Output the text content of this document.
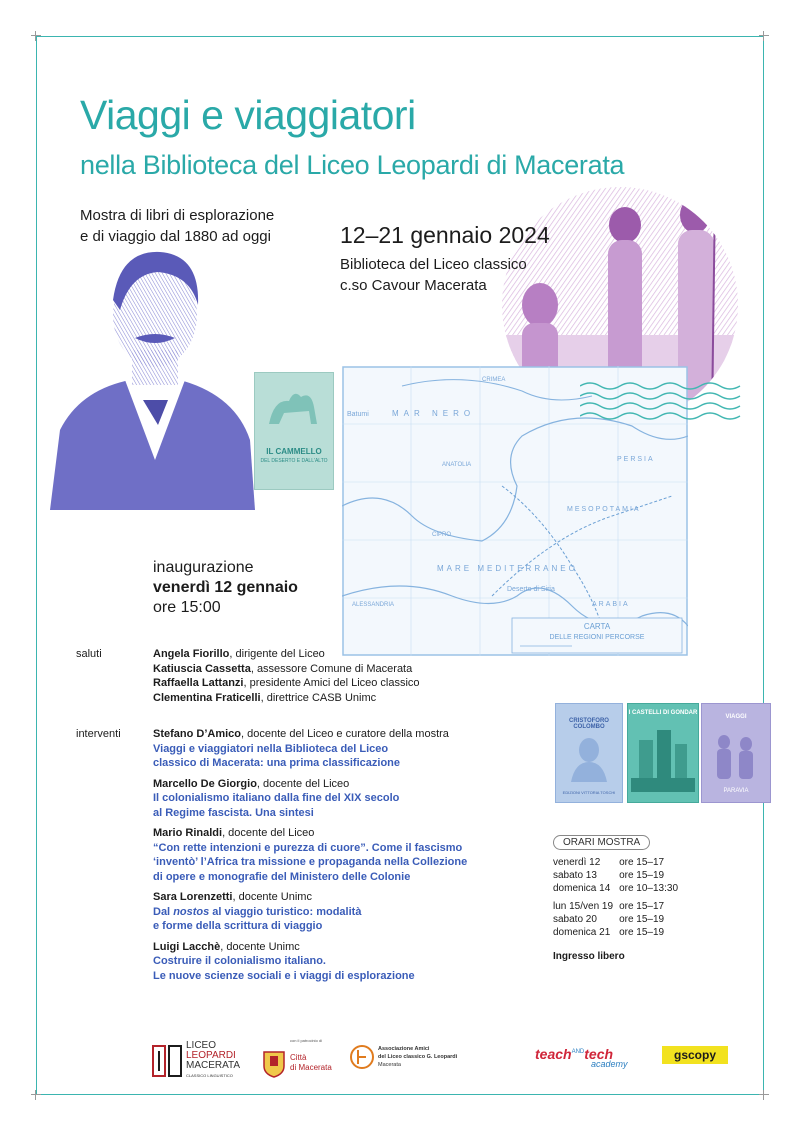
MARE MEDITERRANEO
MESOPOTAMIA
PERSIA
ARABIA
Deserto di Siria
ALESSANDRIA
CIPRO
ANATOLIA
CRIMEA
Batumi	MAR NERO
CARTA
DELLE REGIONI PERCORSE
IL CAMMELLO
DEL DESERTO E DALL'ALTO
Viaggi e viaggiatori
nella Biblioteca del Liceo Leopardi di Macerata
Mostra di libri di esplorazione
e di viaggio dal 1880 ad oggi	12–21 gennaio 2024
Biblioteca del Liceo classico
c.so Cavour Macerata
inaugurazione
venerdì 12 gennaio
ore 15:00
saluti	Angela Fiorillo, dirigente del Liceo
Katiuscia Cassetta, assessore Comune di Macerata
Raffaella Lattanzi, presidente Amici del Liceo classico
Clementina Fraticelli, direttrice CASB Unimc
interventi	Stefano D’Amico, docente del Liceo e curatore della mostra
Viaggi e viaggiatori nella Biblioteca del Liceo
classico di Macerata: una prima classificazione
Marcello De Giorgio, docente del Liceo
Il colonialismo italiano dalla fine del XIX secolo
al Regime fascista. Una sintesi
Mario Rinaldi, docente del Liceo
“Con rette intenzioni e purezza di cuore”. Come il fascismo
‘inventò’ l’Africa tra missione e propaganda nella Collezione
di opere e monografie del Ministero delle Colonie
Sara Lorenzetti, docente Unimc
Dal nostos al viaggio turistico: modalità
e forme della scrittura di viaggio
Luigi Lacchè, docente Unimc
Costruire il colonialismo italiano.
Le nuove scienze sociali e i viaggi di esplorazione
CRISTOFORO COLOMBO
EDIZIONI VITTORIA TOSCHI
I CASTELLI DI GONDAR
VIAGGI
PARAVIA
ORARI MOSTRA
venerdì 12	ore 15–17
sabato 13	ore 15–19
domenica 14	ore 10–13:30
lun 15/ven 19	ore 15–17
sabato 20	ore 15–19
domenica 21	ore 15–19
Ingresso libero
LICEO
LEOPARDI
MACERATA
CLASSICO LINGUISTICO
con il patrocinio di
Città
di Macerata
Associazione Amici
del Liceo classico G. Leopardi
Macerata
teach$^{AND}$tech
academy
gscopy
